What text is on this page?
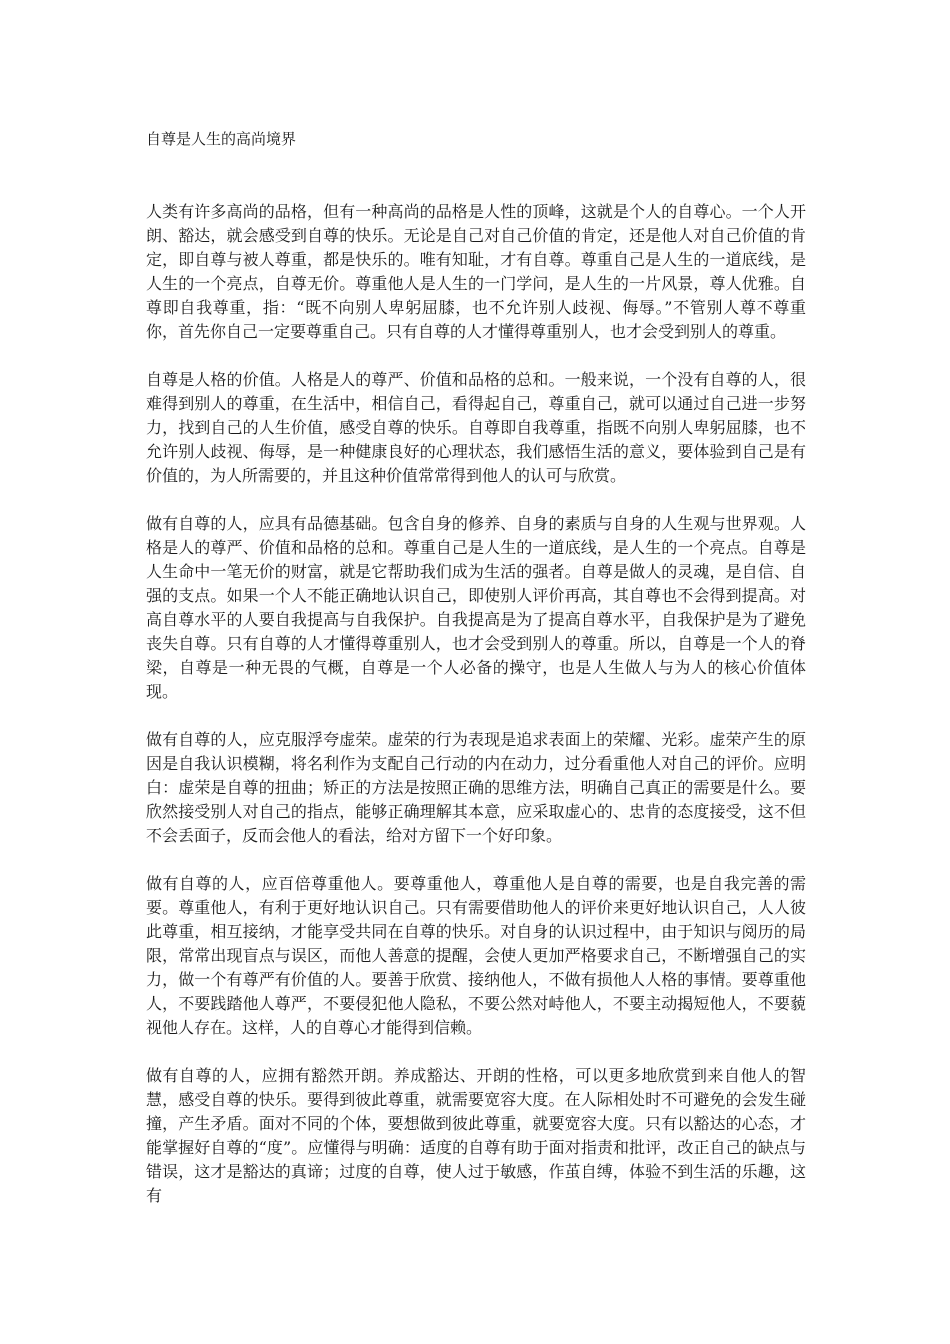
自尊是人生的高尚境界

人类有许多高尚的品格，但有一种高尚的品格是人性的顶峰，这就是个人的自尊心。一个人开朗、豁达，就会感受到自尊的快乐。无论是自己对自己价值的肯定，还是他人对自己价值的肯定，即自尊与被人尊重，都是快乐的。唯有知耻，才有自尊。尊重自己是人生的一道底线，是人生的一个亮点，自尊无价。尊重他人是人生的一门学问，是人生的一片风景，尊人优雅。自尊即自我尊重，指：“既不向别人卑躬屈膝，也不允许别人歧视、侮辱。”不管别人尊不尊重你，首先你自己一定要尊重自己。只有自尊的人才懂得尊重别人，也才会受到别人的尊重。

自尊是人格的价值。人格是人的尊严、价值和品格的总和。一般来说，一个没有自尊的人，很难得到别人的尊重，在生活中，相信自己，看得起自己，尊重自己，就可以通过自己进一步努力，找到自己的人生价值，感受自尊的快乐。自尊即自我尊重，指既不向别人卑躬屈膝，也不允许别人歧视、侮辱，是一种健康良好的心理状态，我们感悟生活的意义，要体验到自己是有价值的，为人所需要的，并且这种价值常常得到他人的认可与欣赏。

做有自尊的人，应具有品德基础。包含自身的修养、自身的素质与自身的人生观与世界观。人格是人的尊严、价值和品格的总和。尊重自己是人生的一道底线，是人生的一个亮点。自尊是人生命中一笔无价的财富，就是它帮助我们成为生活的强者。自尊是做人的灵魂，是自信、自强的支点。如果一个人不能正确地认识自己，即使别人评价再高，其自尊也不会得到提高。对高自尊水平的人要自我提高与自我保护。自我提高是为了提高自尊水平，自我保护是为了避免丧失自尊。只有自尊的人才懂得尊重别人，也才会受到别人的尊重。所以，自尊是一个人的脊梁，自尊是一种无畏的气概，自尊是一个人必备的操守，也是人生做人与为人的核心价值体现。

做有自尊的人，应克服浮夸虚荣。虚荣的行为表现是追求表面上的荣耀、光彩。虚荣产生的原因是自我认识模糊，将名利作为支配自己行动的内在动力，过分看重他人对自己的评价。应明白：虚荣是自尊的扭曲；矫正的方法是按照正确的思维方法，明确自己真正的需要是什么。要欣然接受别人对自己的指点，能够正确理解其本意，应采取虚心的、忠肯的态度接受，这不但不会丢面子，反而会他人的看法，给对方留下一个好印象。

做有自尊的人，应百倍尊重他人。要尊重他人，尊重他人是自尊的需要，也是自我完善的需要。尊重他人，有利于更好地认识自己。只有需要借助他人的评价来更好地认识自己，人人彼此尊重，相互接纳，才能享受共同在自尊的快乐。对自身的认识过程中，由于知识与阅历的局限，常常出现盲点与误区，而他人善意的提醒，会使人更加严格要求自己，不断增强自己的实力，做一个有尊严有价值的人。要善于欣赏、接纳他人，不做有损他人人格的事情。要尊重他人，不要践踏他人尊严，不要侵犯他人隐私，不要公然对峙他人，不要主动揭短他人，不要藐视他人存在。这样，人的自尊心才能得到信赖。

做有自尊的人，应拥有豁然开朗。养成豁达、开朗的性格，可以更多地欣赏到来自他人的智慧，感受自尊的快乐。要得到彼此尊重，就需要宽容大度。在人际相处时不可避免的会发生碰撞，产生矛盾。面对不同的个体，要想做到彼此尊重，就要宽容大度。只有以豁达的心态，才能掌握好自尊的“度”。应懂得与明确：适度的自尊有助于面对指责和批评，改正自己的缺点与错误，这才是豁达的真谛；过度的自尊，使人过于敏感，作茧自缚，体验不到生活的乐趣，这有
